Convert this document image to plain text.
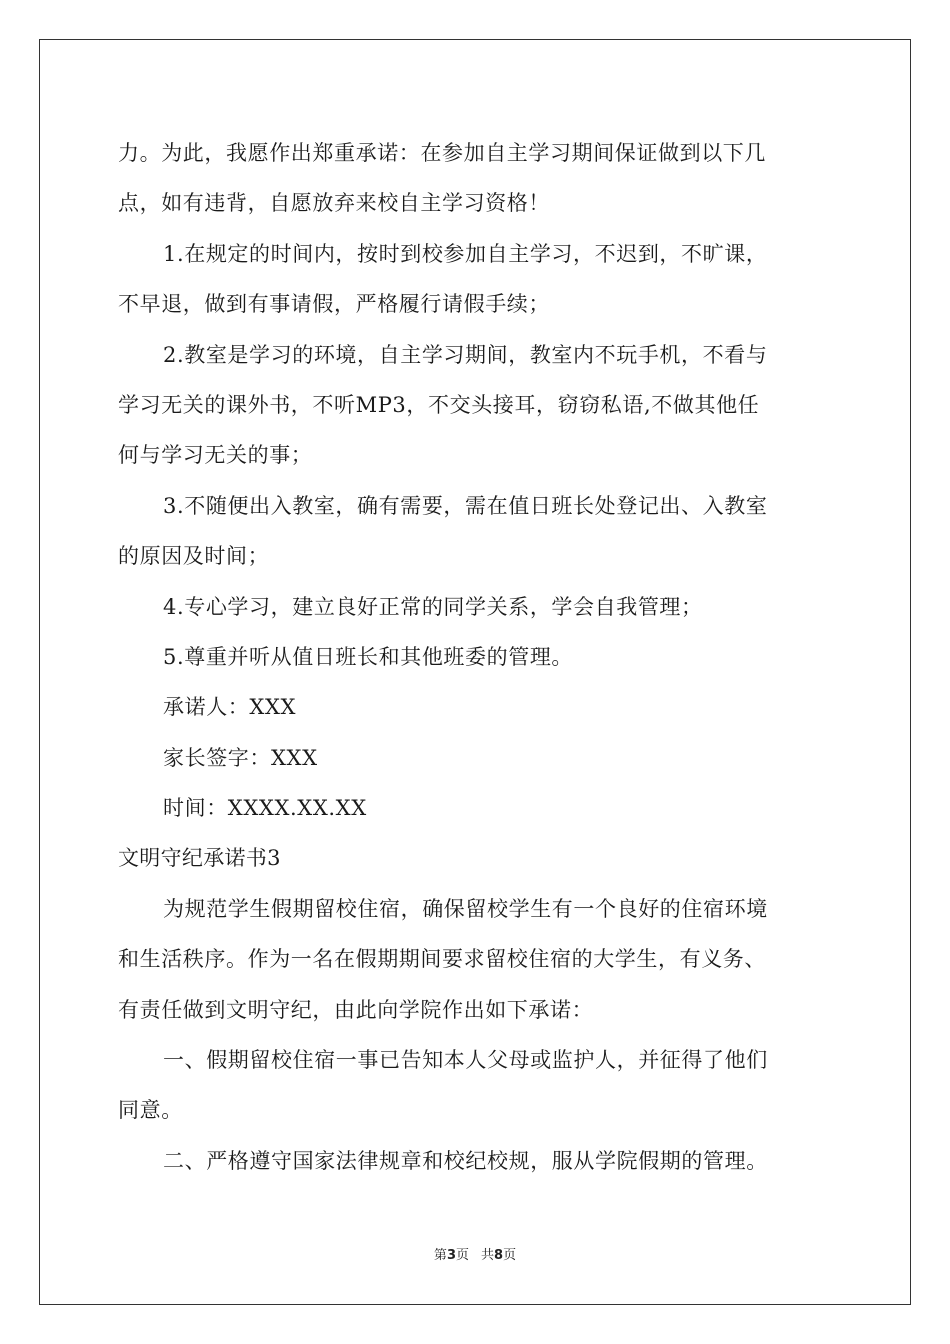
力。为此，我愿作出郑重承诺：在参加自主学习期间保证做到以下几
点，如有违背，自愿放弃来校自主学习资格！
1.在规定的时间内，按时到校参加自主学习，不迟到，不旷课，
不早退，做到有事请假，严格履行请假手续；
2.教室是学习的环境，自主学习期间，教室内不玩手机，不看与
学习无关的课外书，不听MP3，不交头接耳，窃窃私语,不做其他任
何与学习无关的事；
3.不随便出入教室，确有需要，需在值日班长处登记出、入教室
的原因及时间；
4.专心学习，建立良好正常的同学关系，学会自我管理；
5.尊重并听从值日班长和其他班委的管理。
承诺人：XXX
家长签字：XXX
时间：XXXX.XX.XX
文明守纪承诺书3
为规范学生假期留校住宿，确保留校学生有一个良好的住宿环境
和生活秩序。作为一名在假期期间要求留校住宿的大学生，有义务、
有责任做到文明守纪，由此向学院作出如下承诺：
一、假期留校住宿一事已告知本人父母或监护人，并征得了他们
同意。
二、严格遵守国家法律规章和校纪校规，服从学院假期的管理。
第3页 共8页
